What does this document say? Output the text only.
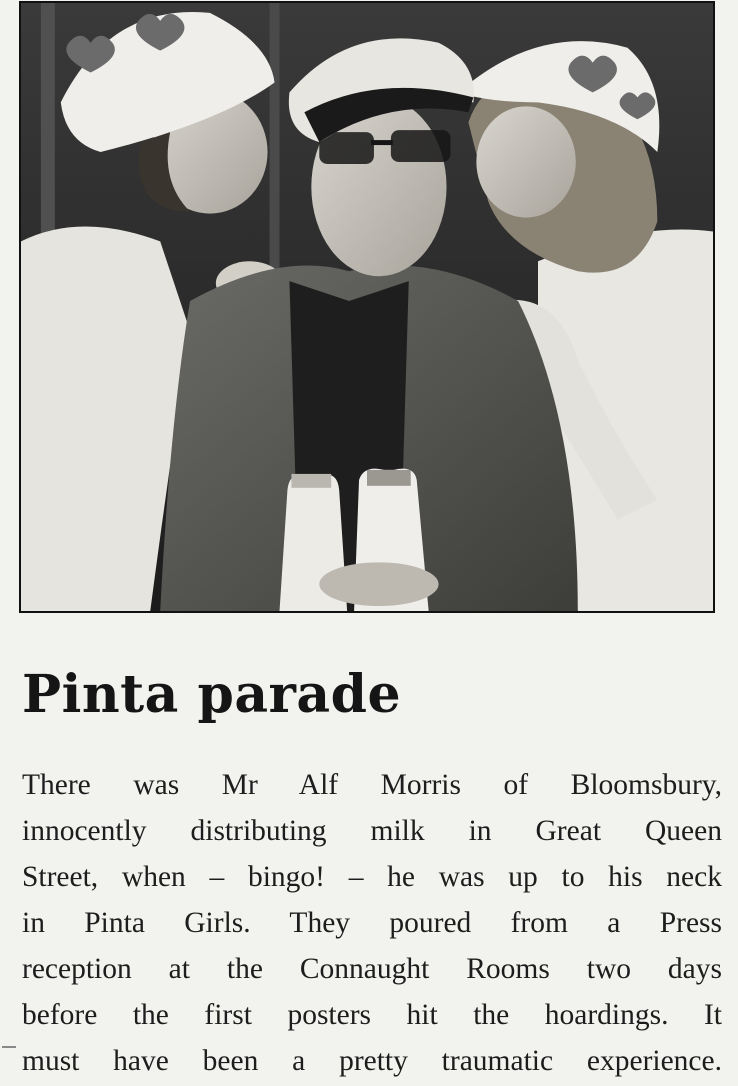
Pinta parade
There was Mr Alf Morris of Bloomsbury,
innocently distributing milk in Great Queen
Street, when – bingo! – he was up to his neck
in Pinta Girls. They poured from a Press
reception at the Connaught Rooms two days
before the first posters hit the hoardings. It
must have been a pretty traumatic experience.
